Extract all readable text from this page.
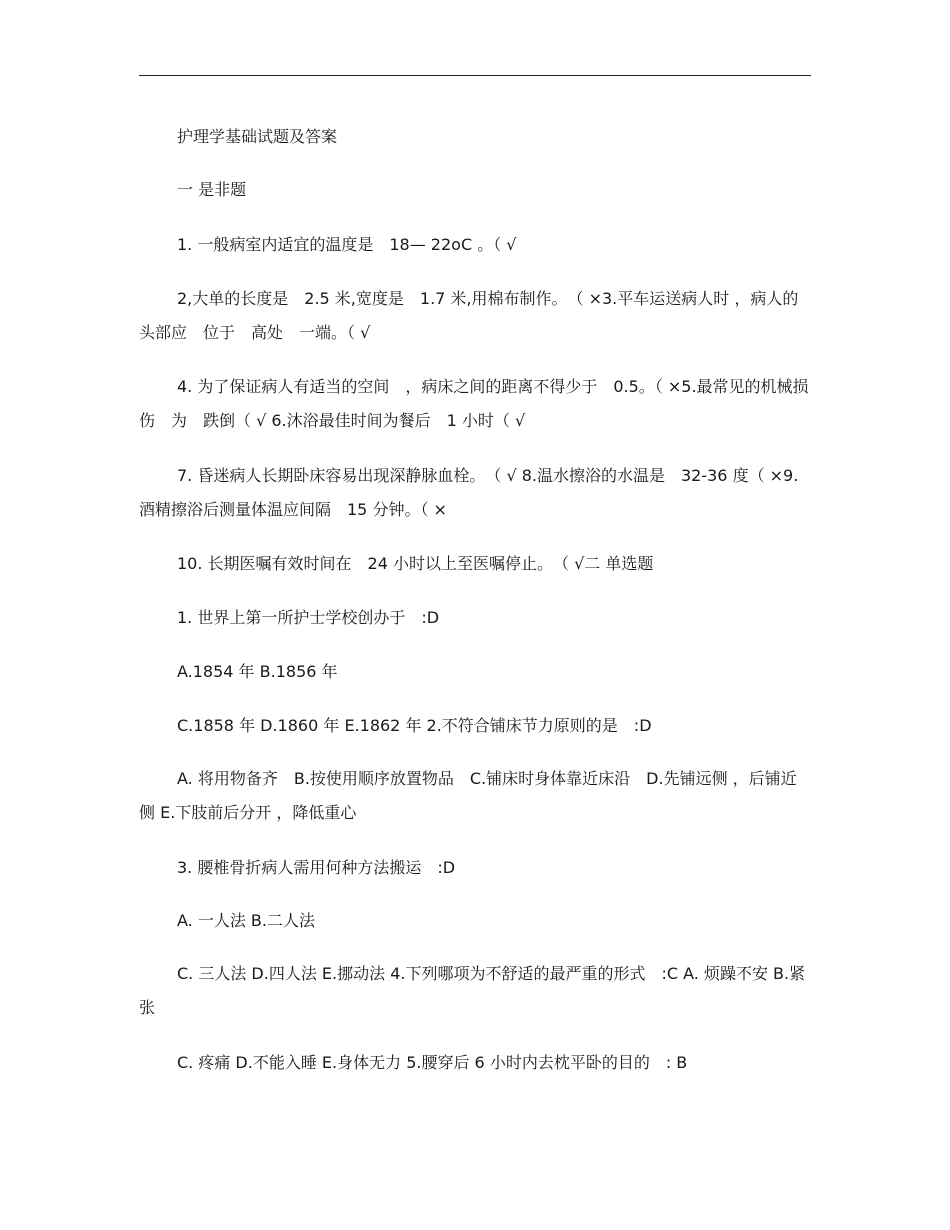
护理学基础试题及答案
一 是非题
1. 一般病室内适宜的温度是　18— 22oC 。（ √
2,大单的长度是　2.5 米,宽度是　1.7 米,用棉布制作。　（ ×3.平车运送病人时 ，病人的头部应　位于　高处　一端。（ √
4. 为了保证病人有适当的空间　，病床之间的距离不得少于　0.5。（ ×5.最常见的机械损伤　为　跌倒（ √ 6.沐浴最佳时间为餐后　1 小时（ √
7. 昏迷病人长期卧床容易出现深静脉血栓。　（ √ 8.温水擦浴的水温是　32-36 度（ ×9. 酒精擦浴后测量体温应间隔　15 分钟。（ ×
10. 长期医嘱有效时间在　24 小时以上至医嘱停止。　（ √二 单选题
1. 世界上第一所护士学校创办于　:D
A.1854 年 B.1856 年
C.1858 年 D.1860 年 E.1862 年 2.不符合铺床节力原则的是　:D
A. 将用物备齐　B.按使用顺序放置物品　C.铺床时身体靠近床沿　D.先铺远侧 ，后铺近侧 E.下肢前后分开 ，降低重心
3. 腰椎骨折病人需用何种方法搬运　:D
A. 一人法 B.二人法
C. 三人法 D.四人法 E.挪动法 4.下列哪项为不舒适的最严重的形式　:C A. 烦躁不安 B.紧张
C. 疼痛 D.不能入睡 E.身体无力 5.腰穿后 6 小时内去枕平卧的目的　: B
